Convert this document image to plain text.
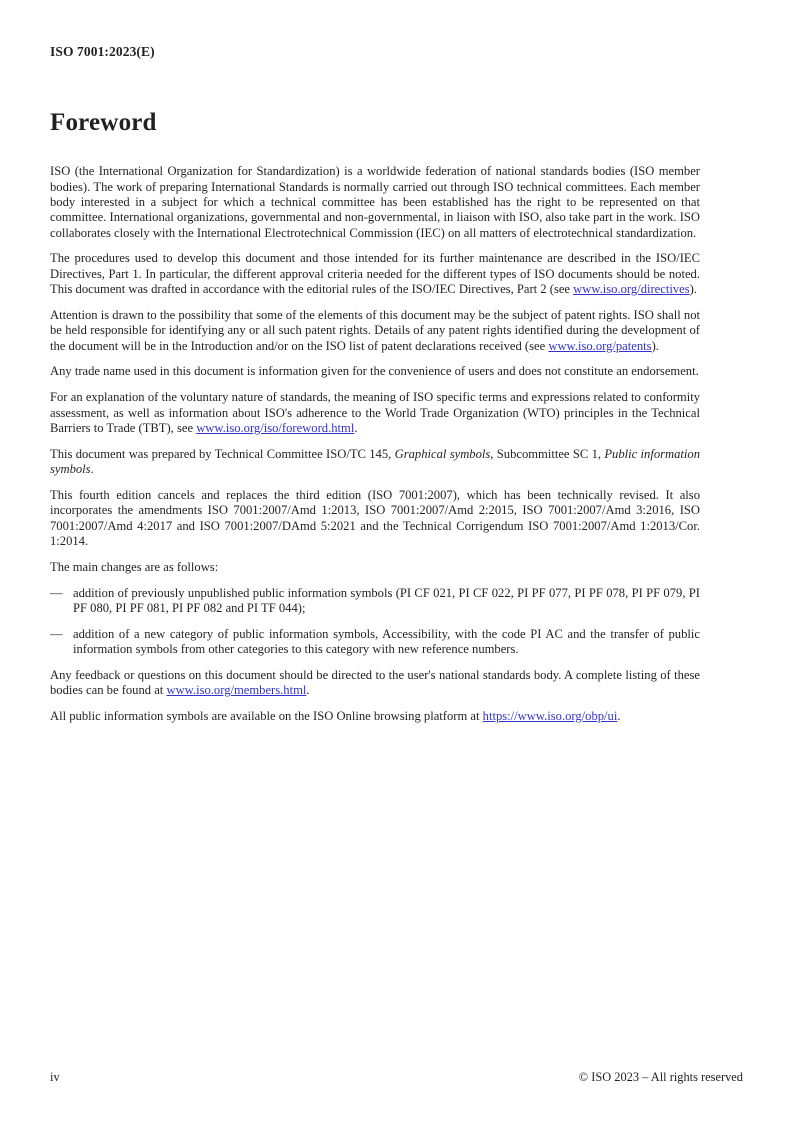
ISO 7001:2023(E)
Foreword

ISO (the International Organization for Standardization) is a worldwide federation of national standards bodies (ISO member bodies). The work of preparing International Standards is normally carried out through ISO technical committees. Each member body interested in a subject for which a technical committee has been established has the right to be represented on that committee. International organizations, governmental and non-governmental, in liaison with ISO, also take part in the work. ISO collaborates closely with the International Electrotechnical Commission (IEC) on all matters of electrotechnical standardization.

The procedures used to develop this document and those intended for its further maintenance are described in the ISO/IEC Directives, Part 1. In particular, the different approval criteria needed for the different types of ISO documents should be noted. This document was drafted in accordance with the editorial rules of the ISO/IEC Directives, Part 2 (see www.iso.org/directives).

Attention is drawn to the possibility that some of the elements of this document may be the subject of patent rights. ISO shall not be held responsible for identifying any or all such patent rights. Details of any patent rights identified during the development of the document will be in the Introduction and/or on the ISO list of patent declarations received (see www.iso.org/patents).

Any trade name used in this document is information given for the convenience of users and does not constitute an endorsement.

For an explanation of the voluntary nature of standards, the meaning of ISO specific terms and expressions related to conformity assessment, as well as information about ISO's adherence to the World Trade Organization (WTO) principles in the Technical Barriers to Trade (TBT), see www.iso.org/iso/foreword.html.

This document was prepared by Technical Committee ISO/TC 145, Graphical symbols, Subcommittee SC 1, Public information symbols.

This fourth edition cancels and replaces the third edition (ISO 7001:2007), which has been technically revised. It also incorporates the amendments ISO 7001:2007/Amd 1:2013, ISO 7001:2007/Amd 2:2015, ISO 7001:2007/Amd 3:2016, ISO 7001:2007/Amd 4:2017 and ISO 7001:2007/DAmd 5:2021 and the Technical Corrigendum ISO 7001:2007/Amd 1:2013/Cor. 1:2014.

The main changes are as follows:

— addition of previously unpublished public information symbols (PI CF 021, PI CF 022, PI PF 077, PI PF 078, PI PF 079, PI PF 080, PI PF 081, PI PF 082 and PI TF 044);
— addition of a new category of public information symbols, Accessibility, with the code PI AC and the transfer of public information symbols from other categories to this category with new reference numbers.

Any feedback or questions on this document should be directed to the user's national standards body. A complete listing of these bodies can be found at www.iso.org/members.html.

All public information symbols are available on the ISO Online browsing platform at https://www.iso.org/obp/ui.

iv	© ISO 2023 – All rights reserved
